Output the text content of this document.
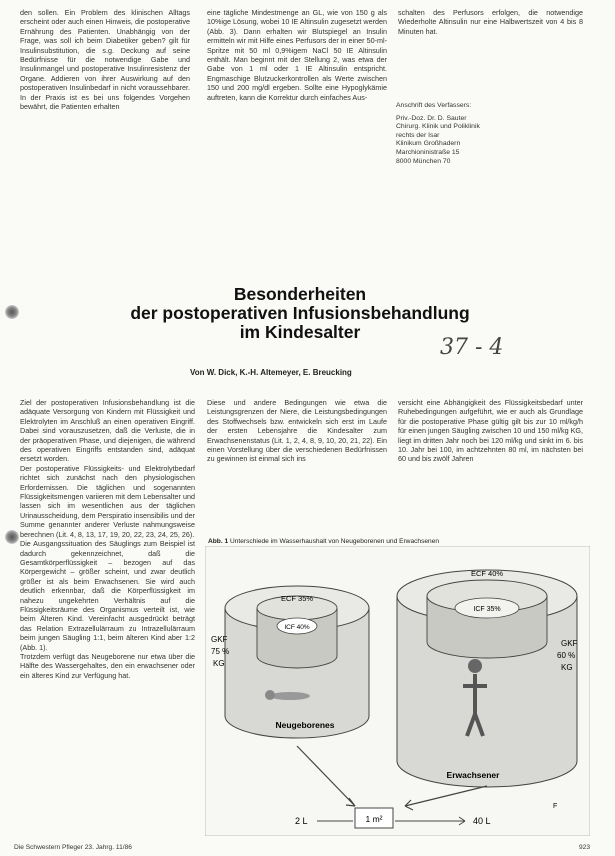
den sollen. Ein Problem des klinischen Alltags erscheint oder auch einen Hinweis, die postoperative Ernährung des Patienten. Unabhängig von der Frage, was soll ich beim Diabetiker geben? gilt für Insulinsubstitution, die s.g. Deckung auf seine Bedürfnisse für die notwendige Gabe und Insulinmangel und postoperative Insulinresistenz der Organe. Addieren von ihrer Auswirkung auf den postoperativen Insulinbedarf in nicht voraussehbarer. In der Praxis ist es bei uns folgendes Vorgehen bewährt, die Patienten erhalten

eine tägliche Mindestmenge an GL, wie von 150 g als 10%ige Lösung, wobei 10 IE Altinsulin zugesetzt werden (Abb. 3). Dann erhalten wir Blutspiegel an Insulin ermitteln wir mit Hilfe eines Perfusors der in einer 50-ml-Spritze mit 50 ml 0,9%igem NaCl 50 IE Altinsulin enthält. Man beginnt mit der Stellung 2, was etwa der Gabe von 1 ml oder 1 IE Altinsulin entspricht. Engmaschige Blutzuckerkontrollen als Werte zwischen 150 und 200 mg/dl ergeben. Sollte eine Hypoglykämie auftreten, kann die Korrektur durch einfaches Aus-

schalten des Perfusors erfolgen, die notwendige Wiederholte Altinsulin nur eine Halbwertszeit von 4 bis 8 Minuten hat.

Anschrift des Verfassers:
Priv.-Doz. Dr. D. Sauter
Chirurg. Klinik und Poliklinik
rechts der Isar
Klinikum Großhadern
Marchioninistraße 15
8000 München 70
Besonderheiten
der postoperativen Infusionsbehandlung
im Kindesalter
37 - 4
Von W. Dick, K.-H. Altemeyer, E. Breucking

Ziel der postoperativen Infusionsbehandlung ist die adäquate Versorgung von Kindern mit Flüssigkeit und Elektrolyten im Anschluß an einen operativen Eingriff. Dabei sind vorauszusetzen, daß die Verluste, die in der präoperativen Phase, und diejenigen, die während des operativen Eingriffs entstanden sind, adäquat ersetzt worden.

Der postoperative Flüssigkeits- und Elektrolytbedarf richtet sich zunächst nach den physiologischen Erfordernissen. Die täglichen und sogenannten Flüssigkeitsmengen variieren mit dem Lebensalter und lassen sich im wesentlichen aus der täglichen Urinausscheidung, dem Perspiratio insensibilis und der Summe genannter anderer Verluste nahmungsweise berechnen (Lit. 4, 8, 13, 17, 19, 20, 22, 23, 24, 25, 26).

Die Ausgangssituation des Säuglings zum Beispiel ist dadurch gekennzeichnet, daß die Gesamtkörperflüssigkeit – bezogen auf das Körpergewicht – größer scheint, und zwar deutlich größer ist als beim Erwachsenen. Sie wird auch deutlich erkennbar, daß die Körperflüssigkeit im nahezu ungekehrten Verhältnis auf die Flüssigkeitsräume des Organismus verteilt ist, wie beim Älteren Kind. Vereinfacht ausgedrückt beträgt das Relation Extrazellulärraum zu Intrazellulärraum beim jungen Säugling 1:1, beim älteren Kind aber 1:2 (Abb. 1).

Trotzdem verfügt das Neugeborene nur etwa über die Hälfte des Wassergehaltes, den ein erwachsener oder ein älteres Kind zur Verfügung hat.

Diese und andere Bedingungen wie etwa die Leistungsgrenzen der Niere, die Leistungsbedingungen des Stoffwechsels bzw. entwickeln sich erst im Laufe der ersten Lebensjahre die Kindesalter zum Erwachsenenstatus (Lit. 1, 2, 4, 8, 9, 10, 20, 21, 22). Ein einen Vorstellung über die verschiedenen Bedürfnissen zu gewinnen ist einmal sich ins

versicht eine Abhängigkeit des Flüssigkeitsbedarf unter Ruhebedingungen aufgeführt, wie er auch als Grundlage für die postoperative Phase gültig gilt bis zur 10 ml/kg/h für einen jungen Säugling zwischen 10 und 150 ml/kg KG, liegt im dritten Jahr noch bei 120 ml/kg und sinkt im 6. bis 10. Jahr bei 100, im achtzehnten 80 ml, im nächsten bei 60 und bis zwölf Jahren

Abb. 1 Unterschiede im Wasserhaushalt von Neugeborenen und Erwachsenen
ECF 35%
ICF 40%
Neugeborenes
GKF
75 %
KG
ECF 40%
ICF 35%
Erwachsener
GKF
60 %
KG
2 L	1 m²	40 L
F
Die Schwestern Pfleger 23. Jahrg. 11/86	923
